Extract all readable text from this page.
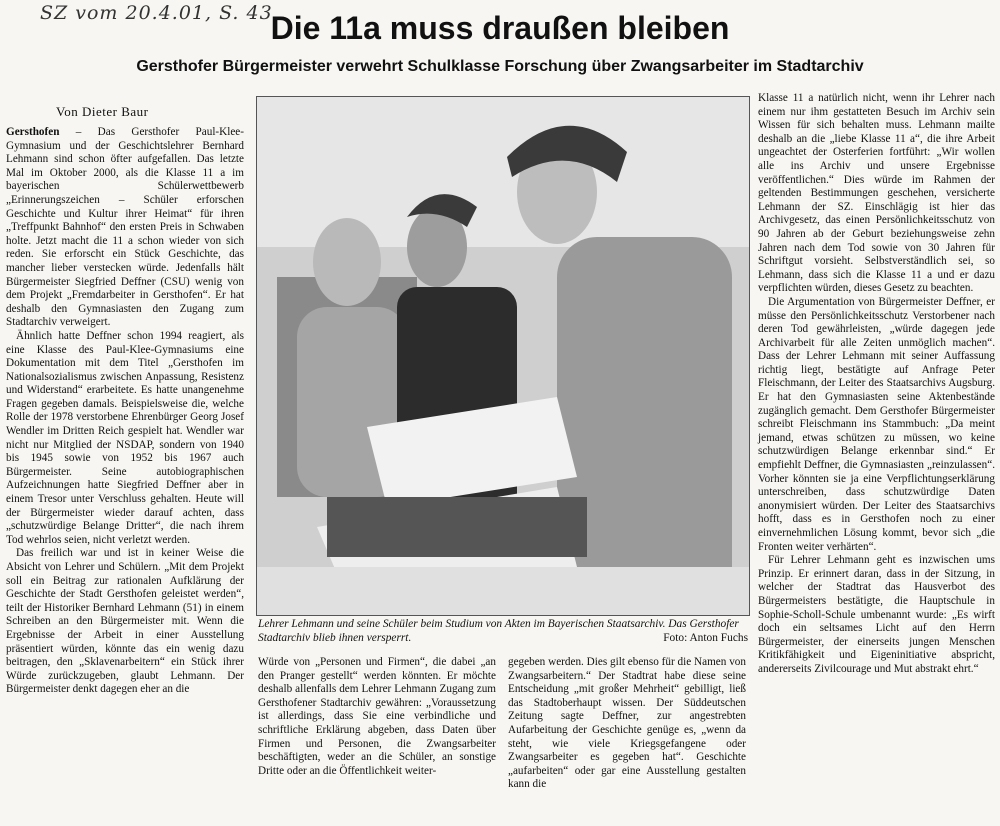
SZ vom 20.4.01, S. 43
Die 11a muss draußen bleiben
Gersthofer Bürgermeister verwehrt Schulklasse Forschung über Zwangsarbeiter im Stadtarchiv
Von Dieter Baur

Gersthofen – Das Gersthofer Paul-Klee-Gymnasium und der Geschichtslehrer Bernhard Lehmann sind schon öfter aufgefallen. Das letzte Mal im Oktober 2000, als die Klasse 11 a im bayerischen Schülerwettbewerb „Erinnerungszeichen – Schüler erforschen Geschichte und Kultur ihrer Heimat“ für ihren „Treffpunkt Bahnhof“ den ersten Preis in Schwaben holte. Jetzt macht die 11 a schon wieder von sich reden. Sie erforscht ein Stück Geschichte, das mancher lieber verstecken würde. Jedenfalls hält Bürgermeister Siegfried Deffner (CSU) wenig von dem Projekt „Fremdarbeiter in Gersthofen“. Er hat deshalb den Gymnasiasten den Zugang zum Stadtarchiv verweigert.

Ähnlich hatte Deffner schon 1994 reagiert, als eine Klasse des Paul-Klee-Gymnasiums eine Dokumentation mit dem Titel „Gersthofen im Nationalsozialismus zwischen Anpassung, Resistenz und Widerstand“ erarbeitete. Es hatte unangenehme Fragen gegeben damals. Beispielsweise die, welche Rolle der 1978 verstorbene Ehrenbürger Georg Josef Wendler im Dritten Reich gespielt hat. Wendler war nicht nur Mitglied der NSDAP, sondern von 1940 bis 1945 sowie von 1952 bis 1967 auch Bürgermeister. Seine autobiographischen Aufzeichnungen hatte Siegfried Deffner aber in einem Tresor unter Verschluss gehalten. Heute will der Bürgermeister wieder darauf achten, dass „schutzwürdige Belange Dritter“, die nach ihrem Tod wehrlos seien, nicht verletzt werden.

Das freilich war und ist in keiner Weise die Absicht von Lehrer und Schülern. „Mit dem Projekt soll ein Beitrag zur rationalen Aufklärung der Geschichte der Stadt Gersthofen geleistet werden“, teilt der Historiker Bernhard Lehmann (51) in einem Schreiben an den Bürgermeister mit. Wenn die Ergebnisse der Arbeit in einer Ausstellung präsentiert würden, könnte das ein wenig dazu beitragen, den „Sklavenarbeitern“ ein Stück ihrer Würde zurückzugeben, glaubt Lehmann. Der Bürgermeister denkt dagegen eher an die

Lehrer Lehmann und seine Schüler beim Studium von Akten im Bayerischen Staatsarchiv. Das Gersthofer Stadtarchiv blieb ihnen versperrt.	Foto: Anton Fuchs

Würde von „Personen und Firmen“, die dabei „an den Pranger gestellt“ werden könnten. Er möchte deshalb allenfalls dem Lehrer Lehmann Zugang zum Gersthofener Stadtarchiv gewähren: „Voraussetzung ist allerdings, dass Sie eine verbindliche und schriftliche Erklärung abgeben, dass Daten über Firmen und Personen, die Zwangsarbeiter beschäftigten, weder an die Schüler, an sonstige Dritte oder an die Öffentlichkeit weiter-

gegeben werden. Dies gilt ebenso für die Namen von Zwangsarbeitern.“ Der Stadtrat habe diese seine Entscheidung „mit großer Mehrheit“ gebilligt, ließ das Stadtoberhaupt wissen. Der Süddeutschen Zeitung sagte Deffner, zur angestrebten Aufarbeitung der Geschichte genüge es, „wenn da steht, wie viele Kriegsgefangene oder Zwangsarbeiter es gegeben hat“. Geschichte „aufarbeiten“ oder gar eine Ausstellung gestalten kann die

Klasse 11 a natürlich nicht, wenn ihr Lehrer nach einem nur ihm gestatteten Besuch im Archiv sein Wissen für sich behalten muss. Lehmann mailte deshalb an die „liebe Klasse 11 a“, die ihre Arbeit ungeachtet der Osterferien fortführt: „Wir wollen alle ins Archiv und unsere Ergebnisse veröffentlichen.“ Dies würde im Rahmen der geltenden Bestimmungen geschehen, versicherte Lehmann der SZ. Einschlägig ist hier das Archivgesetz, das einen Persönlichkeitsschutz von 90 Jahren ab der Geburt beziehungsweise zehn Jahren nach dem Tod sowie von 30 Jahren für Schriftgut vorsieht. Selbstverständlich sei, so Lehmann, dass sich die Klasse 11 a und er dazu verpflichten würden, dieses Gesetz zu beachten.

Die Argumentation von Bürgermeister Deffner, er müsse den Persönlichkeitsschutz Verstorbener nach deren Tod gewährleisten, „würde dagegen jede Archivarbeit für alle Zeiten unmöglich machen“. Dass der Lehrer Lehmann mit seiner Auffassung richtig liegt, bestätigte auf Anfrage Peter Fleischmann, der Leiter des Staatsarchivs Augsburg. Er hat den Gymnasiasten seine Aktenbestände zugänglich gemacht. Dem Gersthofer Bürgermeister schreibt Fleischmann ins Stammbuch: „Da meint jemand, etwas schützen zu müssen, wo keine schutzwürdigen Belange erkennbar sind.“ Er empfiehlt Deffner, die Gymnasiasten „reinzulassen“. Vorher könnten sie ja eine Verpflichtungserklärung unterschreiben, dass schutzwürdige Daten anonymisiert würden. Der Leiter des Staatsarchivs hofft, dass es in Gersthofen noch zu einer einvernehmlichen Lösung kommt, bevor sich „die Fronten weiter verhärten“.

Für Lehrer Lehmann geht es inzwischen ums Prinzip. Er erinnert daran, dass in der Sitzung, in welcher der Stadtrat das Hausverbot des Bürgermeisters bestätigte, die Hauptschule in Sophie-Scholl-Schule umbenannt wurde: „Es wirft doch ein seltsames Licht auf den Herrn Bürgermeister, der einerseits jungen Menschen Kritikfähigkeit und Eigeninitiative abspricht, andererseits Zivilcourage und Mut abstrakt ehrt.“
